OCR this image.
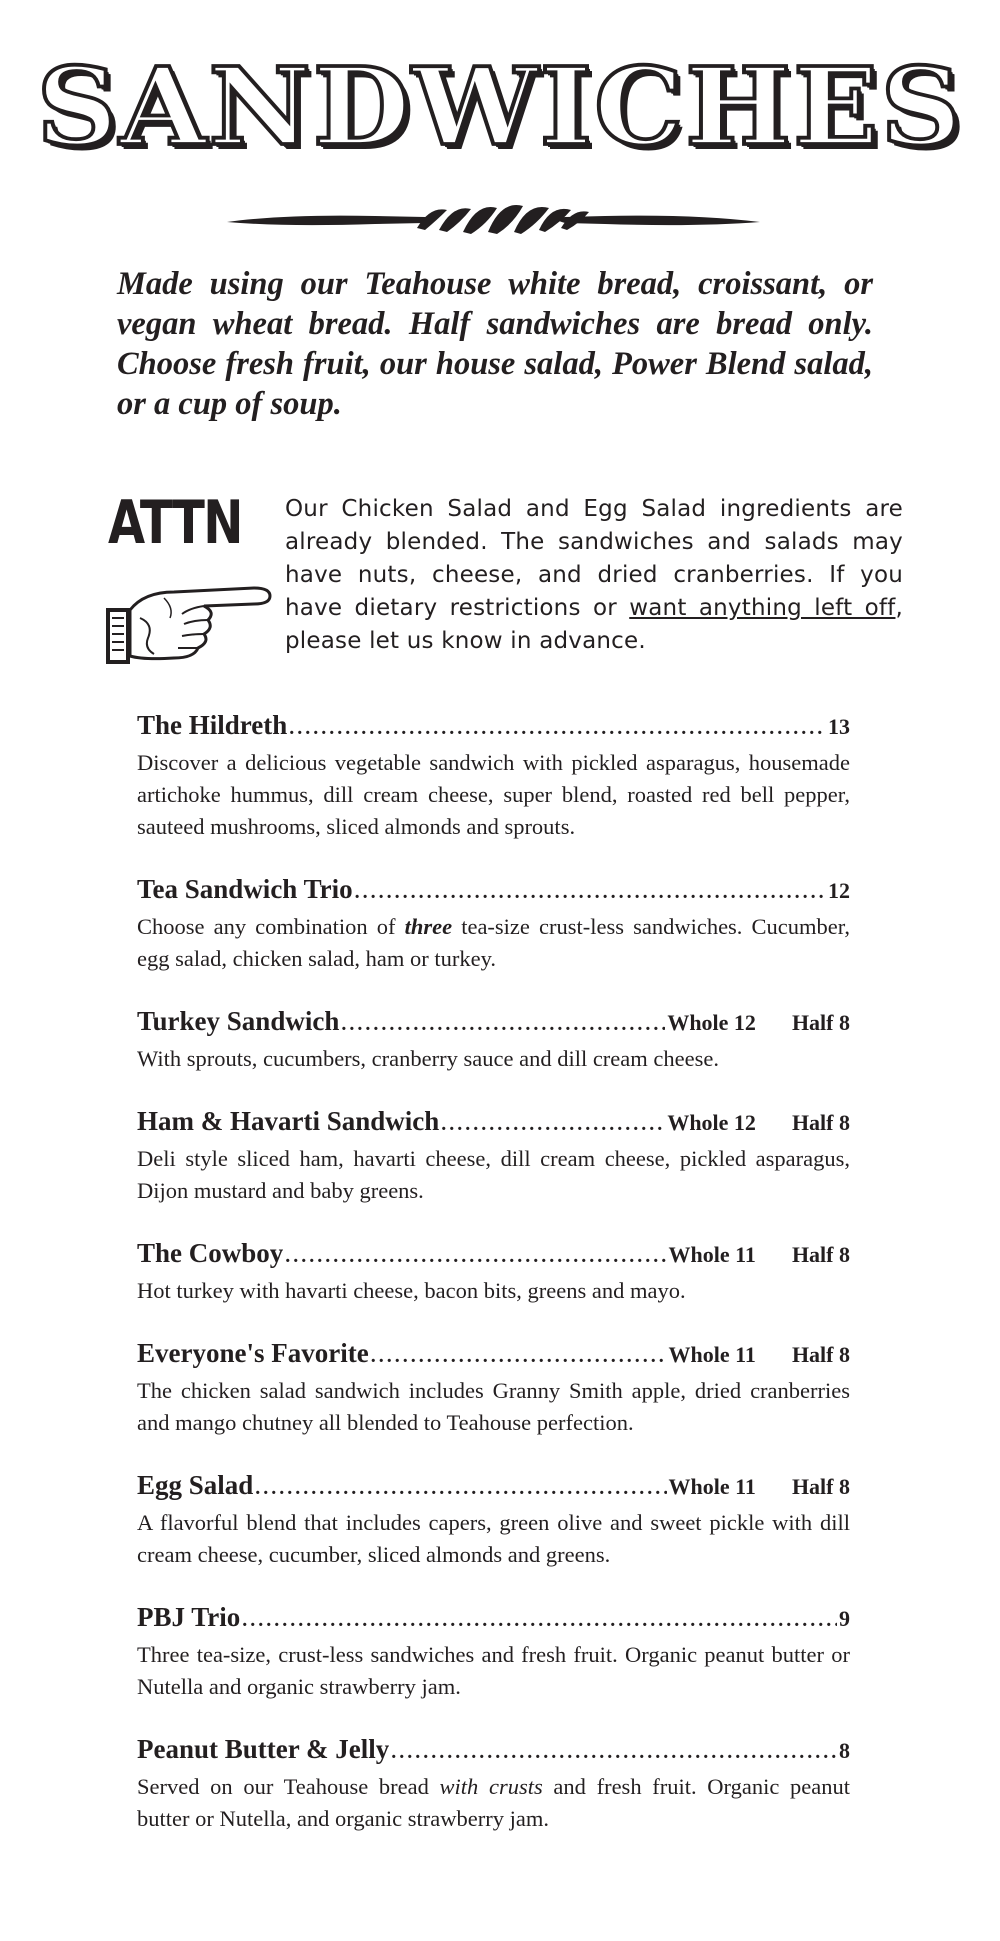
SANDWICHES

Made using our Teahouse white bread, croissant, or vegan wheat bread. Half sandwiches are bread only. Choose fresh fruit, our house salad, Power Blend salad, or a cup of soup.

ATTN Our Chicken Salad and Egg Salad ingredients are already blended. The sandwiches and salads may have nuts, cheese, and dried cranberries. If you have dietary restrictions or want anything left off, please let us know in advance.

The Hildreth . . .	13

Discover a delicious vegetable sandwich with pickled asparagus, housemade artichoke hummus, dill cream cheese, super blend, roasted red bell pepper, sauteed mushrooms, sliced almonds and sprouts.

Tea Sandwich Trio . . .	12

Choose any combination of three tea-size crust-less sandwiches. Cucumber, egg salad, chicken salad, ham or turkey.

Turkey Sandwich . . .	Whole 12 Half 8

With sprouts, cucumbers, cranberry sauce and dill cream cheese.

Ham & Havarti Sandwich . . .	Whole 12 Half 8

Deli style sliced ham, havarti cheese, dill cream cheese, pickled asparagus, Dijon mustard and baby greens.

The Cowboy . . .	Whole 11 Half 8

Hot turkey with havarti cheese, bacon bits, greens and mayo.

Everyone's Favorite . . .	Whole 11 Half 8

The chicken salad sandwich includes Granny Smith apple, dried cranberries and mango chutney all blended to Teahouse perfection.

Egg Salad . . .	Whole 11 Half 8

A flavorful blend that includes capers, green olive and sweet pickle with dill cream cheese, cucumber, sliced almonds and greens.

PBJ Trio . . .	9

Three tea-size, crust-less sandwiches and fresh fruit. Organic peanut butter or Nutella and organic strawberry jam.

Peanut Butter & Jelly . . .	8

Served on our Teahouse bread with crusts and fresh fruit. Organic peanut butter or Nutella, and organic strawberry jam.
